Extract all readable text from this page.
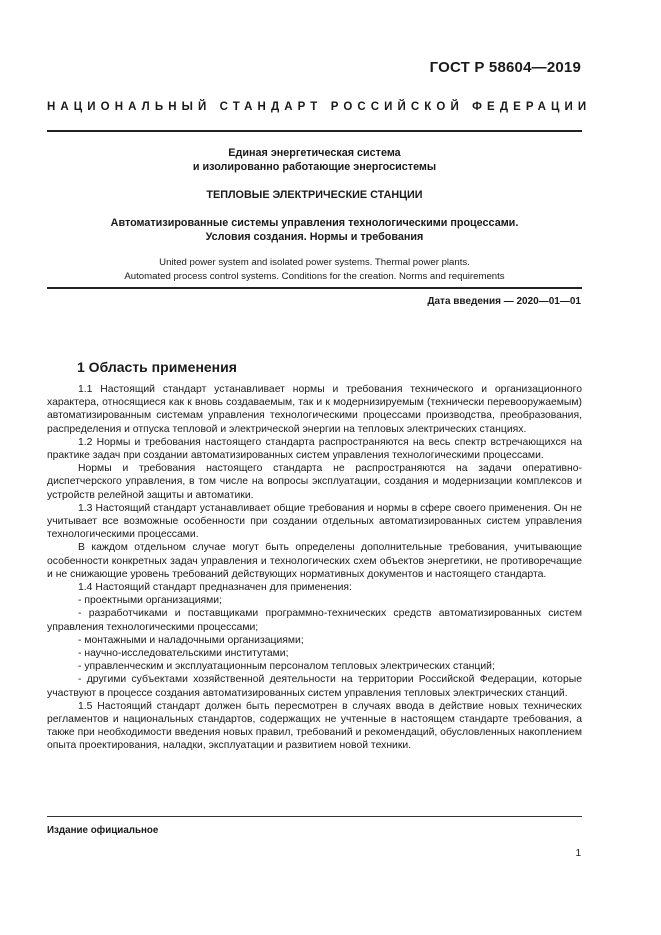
ГОСТ Р 58604—2019
НАЦИОНАЛЬНЫЙ СТАНДАРТ РОССИЙСКОЙ ФЕДЕРАЦИИ
Единая энергетическая система
и изолированно работающие энергосистемы
ТЕПЛОВЫЕ ЭЛЕКТРИЧЕСКИЕ СТАНЦИИ
Автоматизированные системы управления технологическими процессами.
Условия создания. Нормы и требования
United power system and isolated power systems. Thermal power plants.
Automated process control systems. Conditions for the creation. Norms and requirements
Дата введения — 2020—01—01
1 Область применения

1.1 Настоящий стандарт устанавливает нормы и требования технического и организационного характера, относящиеся как к вновь создаваемым, так и к модернизируемым (технически перевооружаемым) автоматизированным системам управления технологическими процессами производства, преобразования, распределения и отпуска тепловой и электрической энергии на тепловых электрических станциях.

1.2 Нормы и требования настоящего стандарта распространяются на весь спектр встречающихся на практике задач при создании автоматизированных систем управления технологическими процессами.

Нормы и требования настоящего стандарта не распространяются на задачи оперативно-диспетчерского управления, в том числе на вопросы эксплуатации, создания и модернизации комплексов и устройств релейной защиты и автоматики.

1.3 Настоящий стандарт устанавливает общие требования и нормы в сфере своего применения. Он не учитывает все возможные особенности при создании отдельных автоматизированных систем управления технологическими процессами.

В каждом отдельном случае могут быть определены дополнительные требования, учитывающие особенности конкретных задач управления и технологических схем объектов энергетики, не противоречащие и не снижающие уровень требований действующих нормативных документов и настоящего стандарта.

1.4 Настоящий стандарт предназначен для применения:

- проектными организациями;

- разработчиками и поставщиками программно-технических средств автоматизированных систем управления технологическими процессами;

- монтажными и наладочными организациями;

- научно-исследовательскими институтами;

- управленческим и эксплуатационным персоналом тепловых электрических станций;

- другими субъектами хозяйственной деятельности на территории Российской Федерации, которые участвуют в процессе создания автоматизированных систем управления тепловых электрических станций.

1.5 Настоящий стандарт должен быть пересмотрен в случаях ввода в действие новых технических регламентов и национальных стандартов, содержащих не учтенные в настоящем стандарте требования, а также при необходимости введения новых правил, требований и рекомендаций, обусловленных накоплением опыта проектирования, наладки, эксплуатации и развитием новой техники.

Издание официальное
1
